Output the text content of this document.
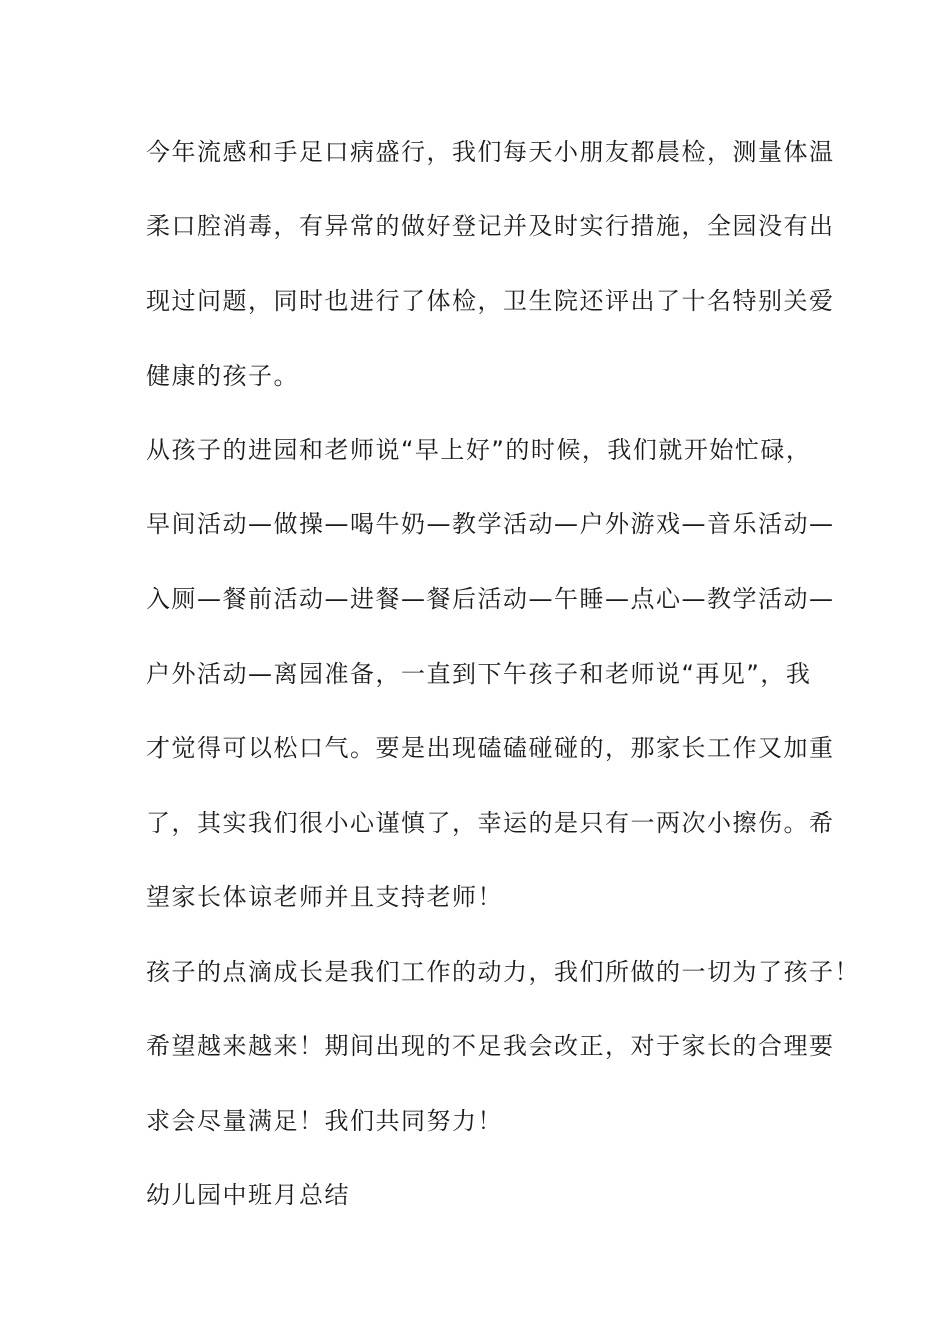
今年流感和手足口病盛行，我们每天小朋友都晨检，测量体温
柔口腔消毒，有异常的做好登记并及时实行措施，全园没有出
现过问题，同时也进行了体检，卫生院还评出了十名特别关爱
健康的孩子。
从孩子的进园和老师说“早上好”的时候，我们就开始忙碌，
早间活动—做操—喝牛奶—教学活动—户外游戏—音乐活动—
入厕—餐前活动—进餐—餐后活动—午睡—点心—教学活动—
户外活动—离园准备，一直到下午孩子和老师说“再见”，我
才觉得可以松口气。要是出现磕磕碰碰的，那家长工作又加重
了，其实我们很小心谨慎了，幸运的是只有一两次小擦伤。希
望家长体谅老师并且支持老师！
孩子的点滴成长是我们工作的动力，我们所做的一切为了孩子！
希望越来越来！期间出现的不足我会改正，对于家长的合理要
求会尽量满足！我们共同努力！
幼儿园中班月总结
